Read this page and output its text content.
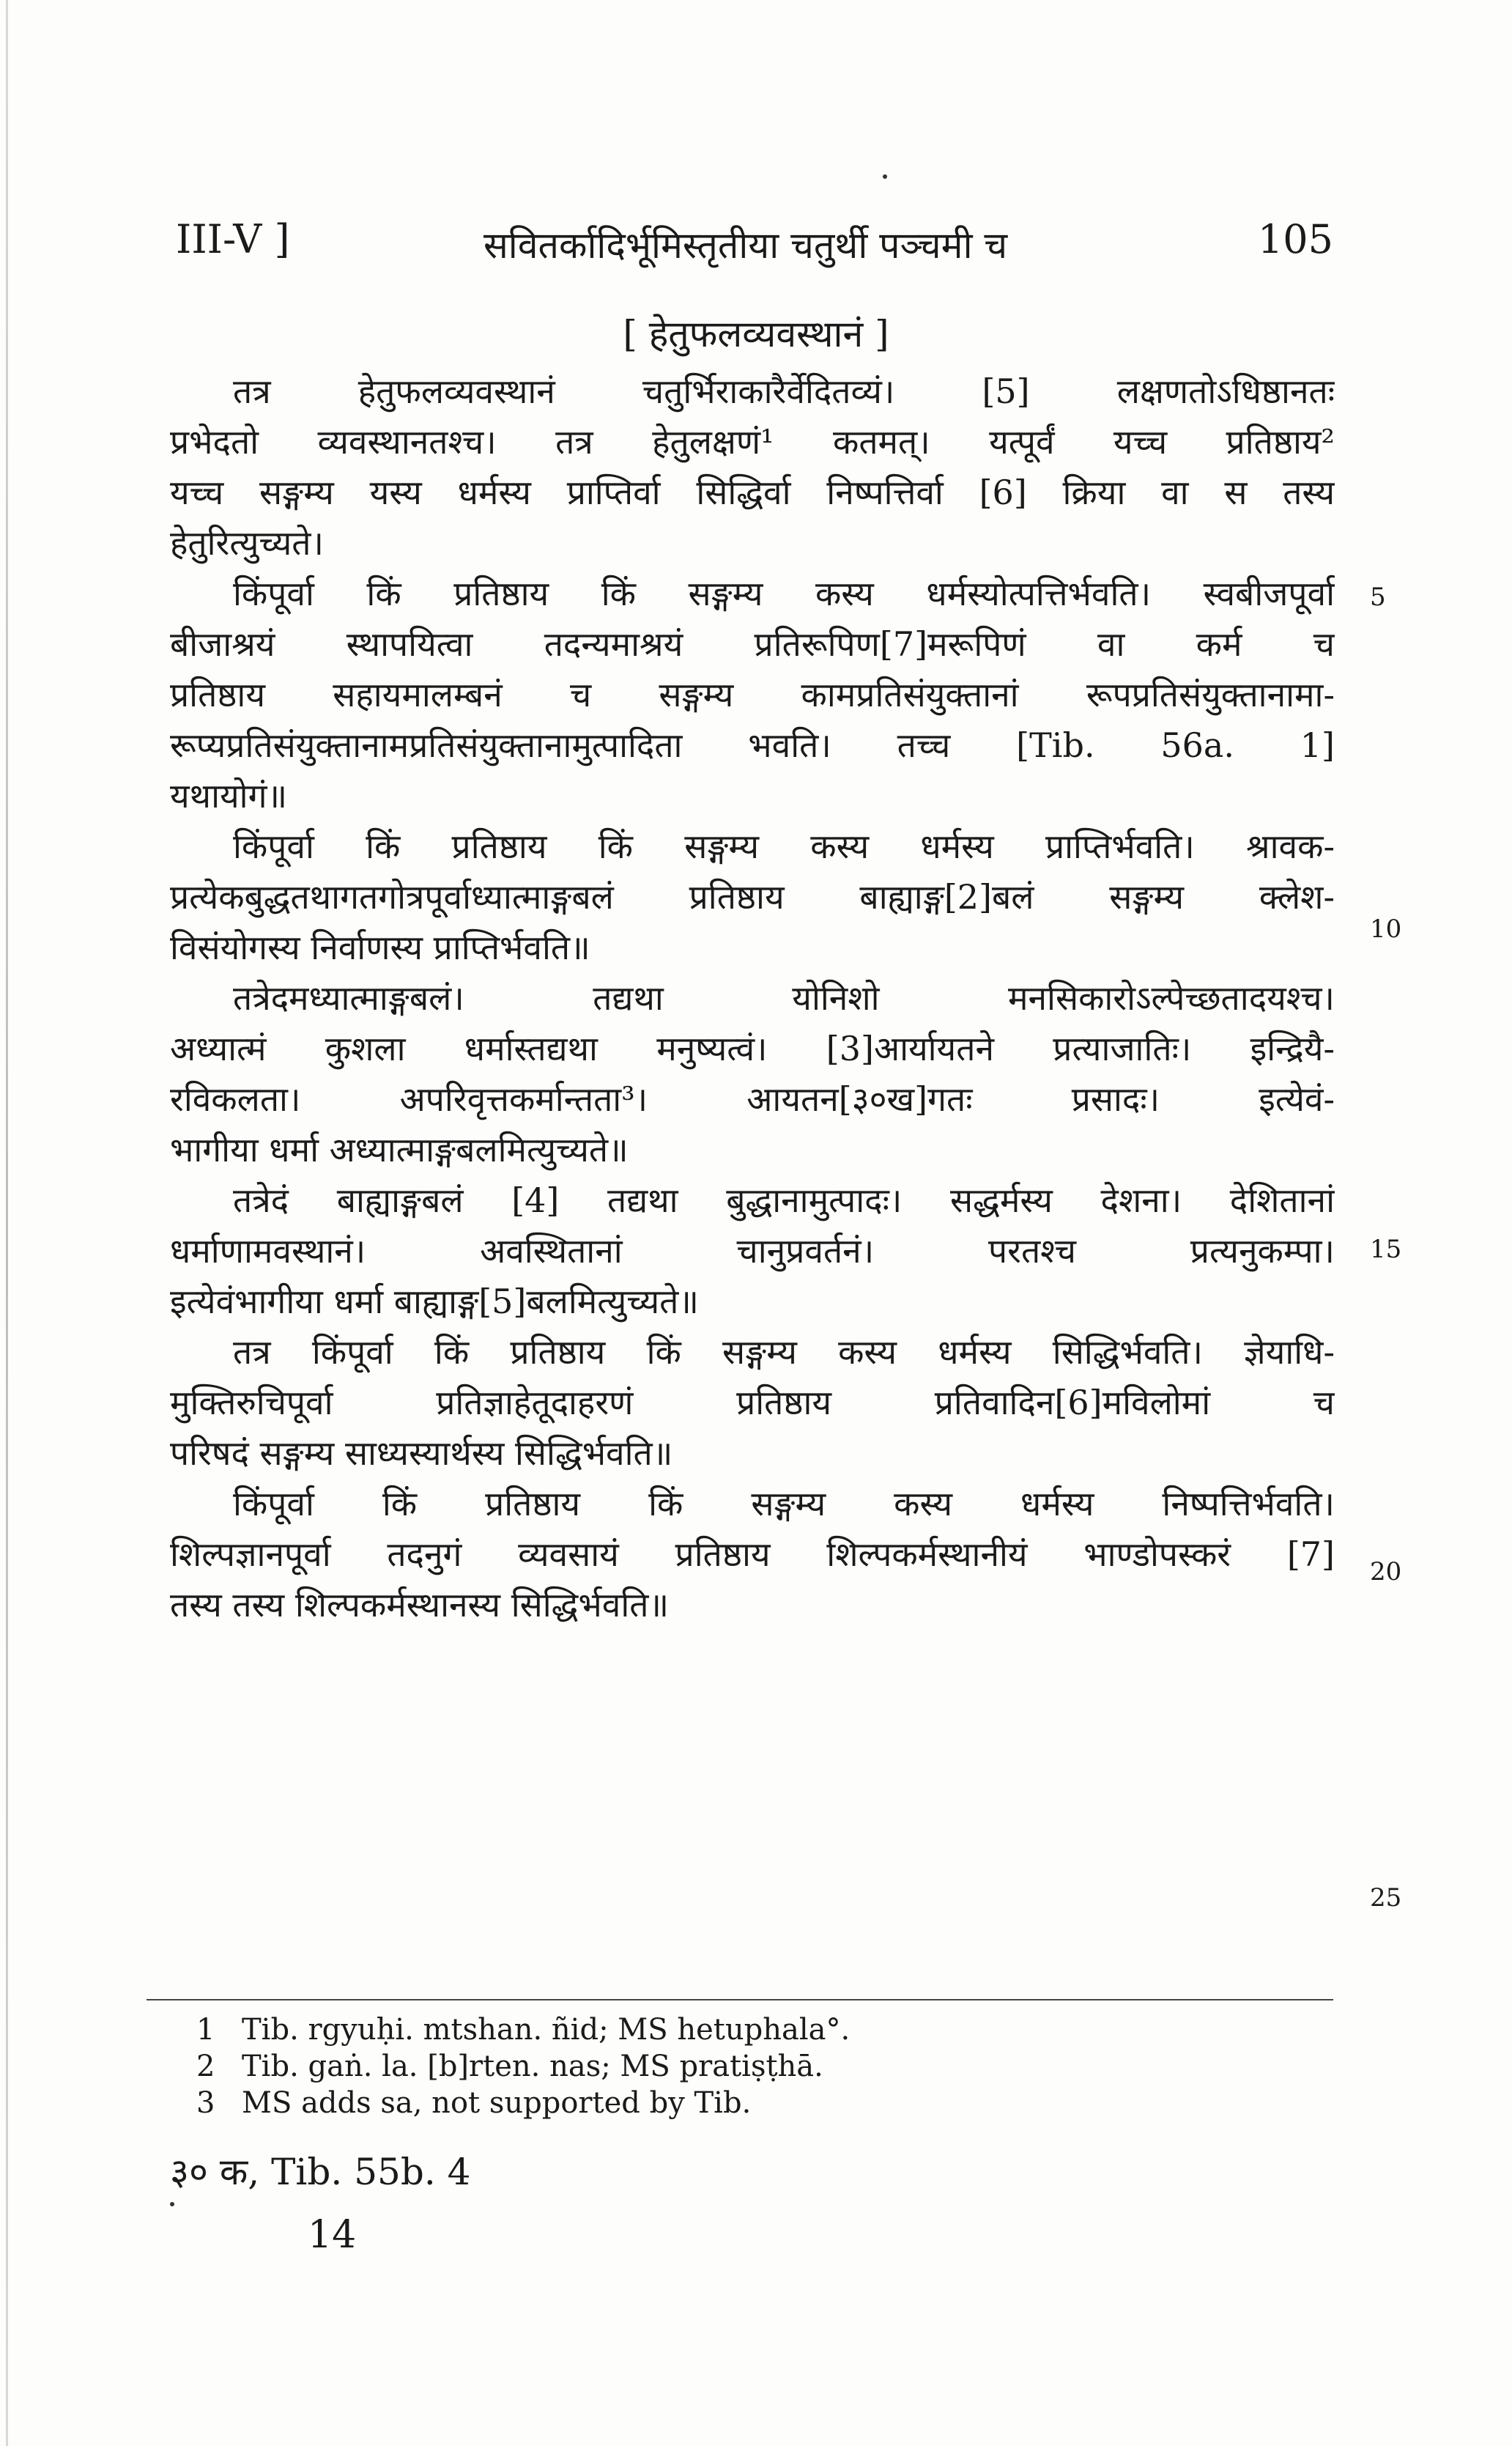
III-V ]	सवितर्कादिर्भूमिस्तृतीया चतुर्थी पञ्चमी च	105
[ हेतुफलव्यवस्थानं ]
तत्र हेतुफलव्यवस्थानं चतुर्भिराकारैर्वेदितव्यं। [5] लक्षणतोऽधिष्ठानतः
प्रभेदतो व्यवस्थानतश्च। तत्र हेतुलक्षणं¹ कतमत्। यत्पूर्वं यच्च प्रतिष्ठाय²
यच्च सङ्गम्य यस्य धर्मस्य प्राप्तिर्वा सिद्धिर्वा निष्पत्तिर्वा [6] क्रिया वा स तस्य
हेतुरित्युच्यते।
किंपूर्वा किं प्रतिष्ठाय किं सङ्गम्य कस्य धर्मस्योत्पत्तिर्भवति। स्वबीजपूर्वा
बीजाश्रयं स्थापयित्वा तदन्यमाश्रयं प्रतिरूपिण[7]मरूपिणं वा कर्म च
प्रतिष्ठाय सहायमालम्बनं च सङ्गम्य कामप्रतिसंयुक्तानां रूपप्रतिसंयुक्तानामा-
रूप्यप्रतिसंयुक्तानामप्रतिसंयुक्तानामुत्पादिता भवति। तच्च [Tib. 56a. 1]
यथायोगं॥
किंपूर्वा किं प्रतिष्ठाय किं सङ्गम्य कस्य धर्मस्य प्राप्तिर्भवति। श्रावक-
प्रत्येकबुद्धतथागतगोत्रपूर्वाध्यात्माङ्गबलं प्रतिष्ठाय बाह्याङ्ग[2]बलं सङ्गम्य क्लेश-
विसंयोगस्य निर्वाणस्य प्राप्तिर्भवति॥
तत्रेदमध्यात्माङ्गबलं। तद्यथा योनिशो मनसिकारोऽल्पेच्छतादयश्च।
अध्यात्मं कुशला धर्मास्तद्यथा मनुष्यत्वं। [3]आर्यायतने प्रत्याजातिः। इन्द्रियै-
रविकलता। अपरिवृत्तकर्मान्तता³। आयतन[३०ख]गतः प्रसादः। इत्येवं-
भागीया धर्मा अध्यात्माङ्गबलमित्युच्यते॥
तत्रेदं बाह्याङ्गबलं [4] तद्यथा बुद्धानामुत्पादः। सद्धर्मस्य देशना। देशितानां
धर्माणामवस्थानं। अवस्थितानां चानुप्रवर्तनं। परतश्च प्रत्यनुकम्पा।
इत्येवंभागीया धर्मा बाह्याङ्ग[5]बलमित्युच्यते॥
तत्र किंपूर्वा किं प्रतिष्ठाय किं सङ्गम्य कस्य धर्मस्य सिद्धिर्भवति। ज्ञेयाधि-
मुक्तिरुचिपूर्वा प्रतिज्ञाहेतूदाहरणं प्रतिष्ठाय प्रतिवादिन[6]मविलोमां च
परिषदं सङ्गम्य साध्यस्यार्थस्य सिद्धिर्भवति॥
किंपूर्वा किं प्रतिष्ठाय किं सङ्गम्य कस्य धर्मस्य निष्पत्तिर्भवति।
शिल्पज्ञानपूर्वा तदनुगं व्यवसायं प्रतिष्ठाय शिल्पकर्मस्थानीयं भाण्डोपस्करं [7]
तस्य तस्य शिल्पकर्मस्थानस्य सिद्धिर्भवति॥
5
10
15
20
25
1 Tib. rgyuḥi. mtshan. ñid; MS hetuphala°.
2 Tib. gaṅ. la. [b]rten. nas; MS pratiṣṭhā.
3 MS adds sa, not supported by Tib.
३० क, Tib. 55b. 4
14
